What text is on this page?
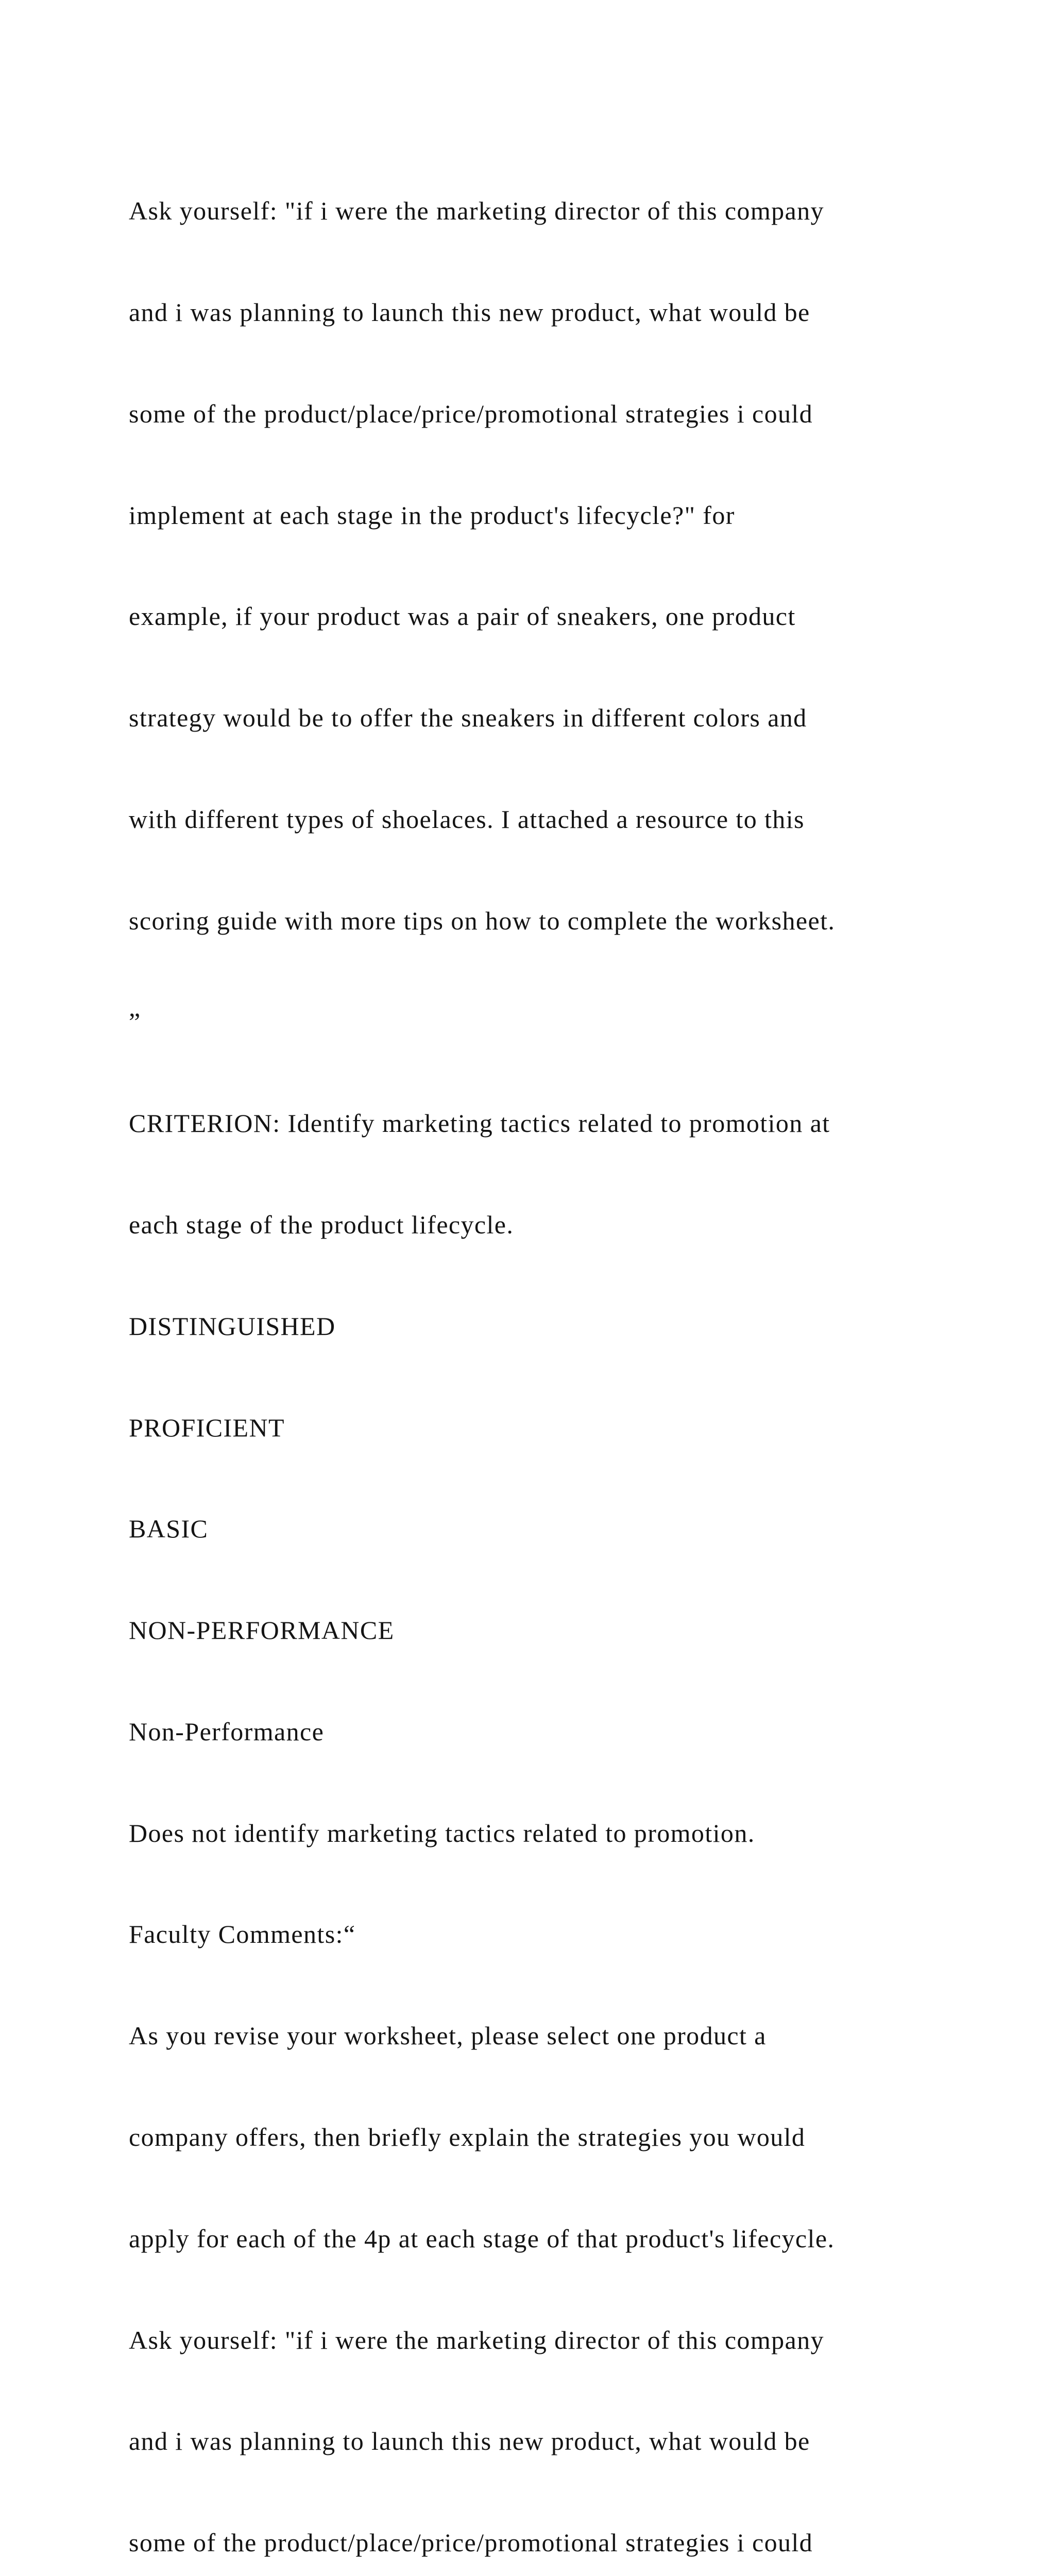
Ask yourself: "if i were the marketing director of this company

and i was planning to launch this new product, what would be

some of the product/place/price/promotional strategies i could

implement at each stage in the product's lifecycle?" for

example, if your product was a pair of sneakers, one product

strategy would be to offer the sneakers in different colors and

with different types of shoelaces. I attached a resource to this

scoring guide with more tips on how to complete the worksheet.

”

CRITERION: Identify marketing tactics related to promotion at

each stage of the product lifecycle.

DISTINGUISHED

PROFICIENT

BASIC

NON-PERFORMANCE

Non-Performance

Does not identify marketing tactics related to promotion.

Faculty Comments:“

As you revise your worksheet, please select one product a

company offers, then briefly explain the strategies you would

apply for each of the 4p at each stage of that product's lifecycle.

Ask yourself: "if i were the marketing director of this company

and i was planning to launch this new product, what would be

some of the product/place/price/promotional strategies i could
